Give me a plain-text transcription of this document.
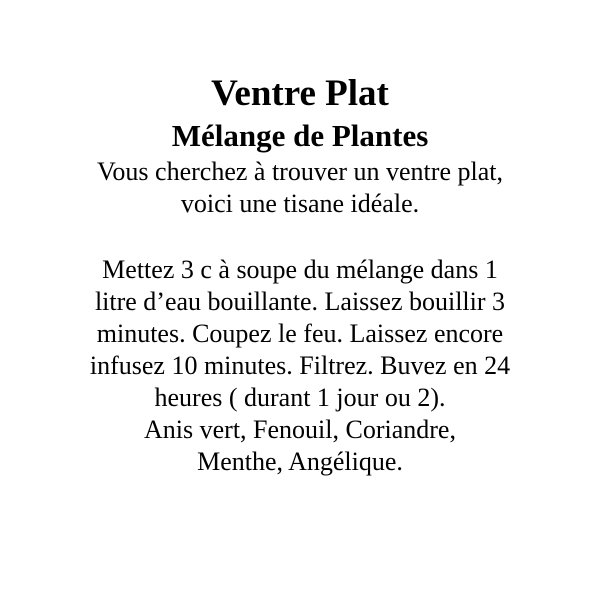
Ventre Plat
Mélange de Plantes
Vous cherchez à trouver un ventre plat,
voici une tisane idéale.
Mettez 3 c à soupe du mélange dans 1
litre d’eau bouillante. Laissez bouillir 3
minutes. Coupez le feu. Laissez encore
infusez 10 minutes. Filtrez. Buvez en 24
heures ( durant 1 jour ou 2).
Anis vert, Fenouil, Coriandre,
Menthe, Angélique.
